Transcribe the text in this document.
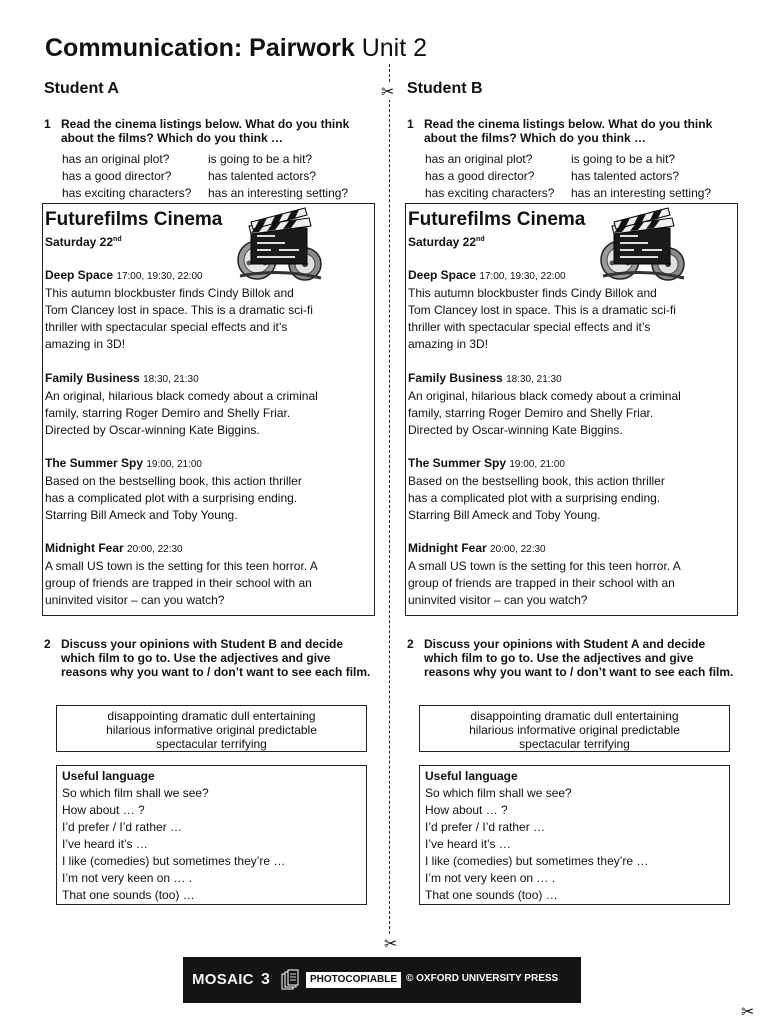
Communication: Pairwork Unit 2
✂
✂
✂
Student A
1 Read the cinema listings below. What do you think about the films? Which do you think …
has an original plot?
has a good director?
has exciting characters?
is going to be a hit?
has talented actors?
has an interesting setting?
Futurefilms Cinema
Saturday 22nd
Deep Space 17:00, 19:30, 22:00
This autumn blockbuster finds Cindy Billok and
Tom Clancey lost in space. This is a dramatic sci-fi
thriller with spectacular special effects and it’s
amazing in 3D!
Family Business 18:30, 21:30
An original, hilarious black comedy about a criminal
family, starring Roger Demiro and Shelly Friar.
Directed by Oscar-winning Kate Biggins.
The Summer Spy 19:00, 21:00
Based on the bestselling book, this action thriller
has a complicated plot with a surprising ending.
Starring Bill Ameck and Toby Young.
Midnight Fear 20:00, 22:30
A small US town is the setting for this teen horror. A
group of friends are trapped in their school with an
uninvited visitor – can you watch?
2 Discuss your opinions with Student B and decide which film to go to. Use the adjectives and give reasons why you want to / don’t want to see each film.
disappointing dramatic dull entertaining
hilarious informative original predictable
spectacular terrifying
Useful language
So which film shall we see?
How about … ?
I’d prefer / I’d rather …
I’ve heard it’s …
I like (comedies) but sometimes they’re …
I’m not very keen on … .
That one sounds (too) …
Student B
1 Read the cinema listings below. What do you think about the films? Which do you think …
has an original plot?
has a good director?
has exciting characters?
is going to be a hit?
has talented actors?
has an interesting setting?
Futurefilms Cinema
Saturday 22nd
Deep Space 17:00, 19:30, 22:00
This autumn blockbuster finds Cindy Billok and
Tom Clancey lost in space. This is a dramatic sci-fi
thriller with spectacular special effects and it’s
amazing in 3D!
Family Business 18:30, 21:30
An original, hilarious black comedy about a criminal
family, starring Roger Demiro and Shelly Friar.
Directed by Oscar-winning Kate Biggins.
The Summer Spy 19:00, 21:00
Based on the bestselling book, this action thriller
has a complicated plot with a surprising ending.
Starring Bill Ameck and Toby Young.
Midnight Fear 20:00, 22:30
A small US town is the setting for this teen horror. A
group of friends are trapped in their school with an
uninvited visitor – can you watch?
2 Discuss your opinions with Student A and decide which film to go to. Use the adjectives and give reasons why you want to / don’t want to see each film.
disappointing dramatic dull entertaining
hilarious informative original predictable
spectacular terrifying
Useful language
So which film shall we see?
How about … ?
I’d prefer / I’d rather …
I’ve heard it’s …
I like (comedies) but sometimes they’re …
I’m not very keen on … .
That one sounds (too) …
MOSAIC 3	PHOTOCOPIABLE © OXFORD UNIVERSITY PRESS
